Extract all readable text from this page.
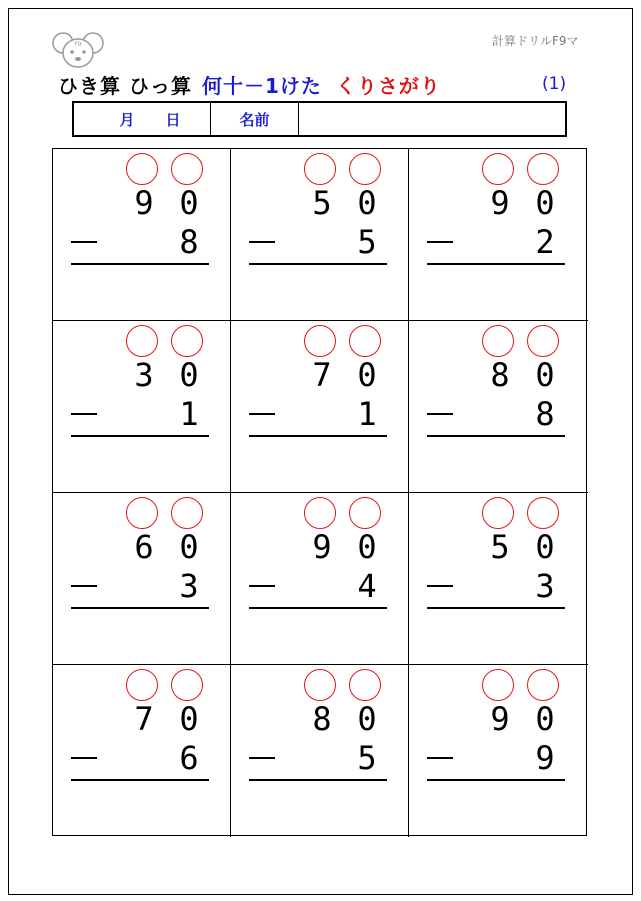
F9	計算ドリルF9マ
ひき算 ひっ算 何十－1けた くりさがり	(1)
月 日	名前
9 0
8
5 0
5
9 0
2
3 0
1
7 0
1
8 0
8
6 0
3
9 0
4
5 0
3
7 0
6
8 0
5
9 0
9
